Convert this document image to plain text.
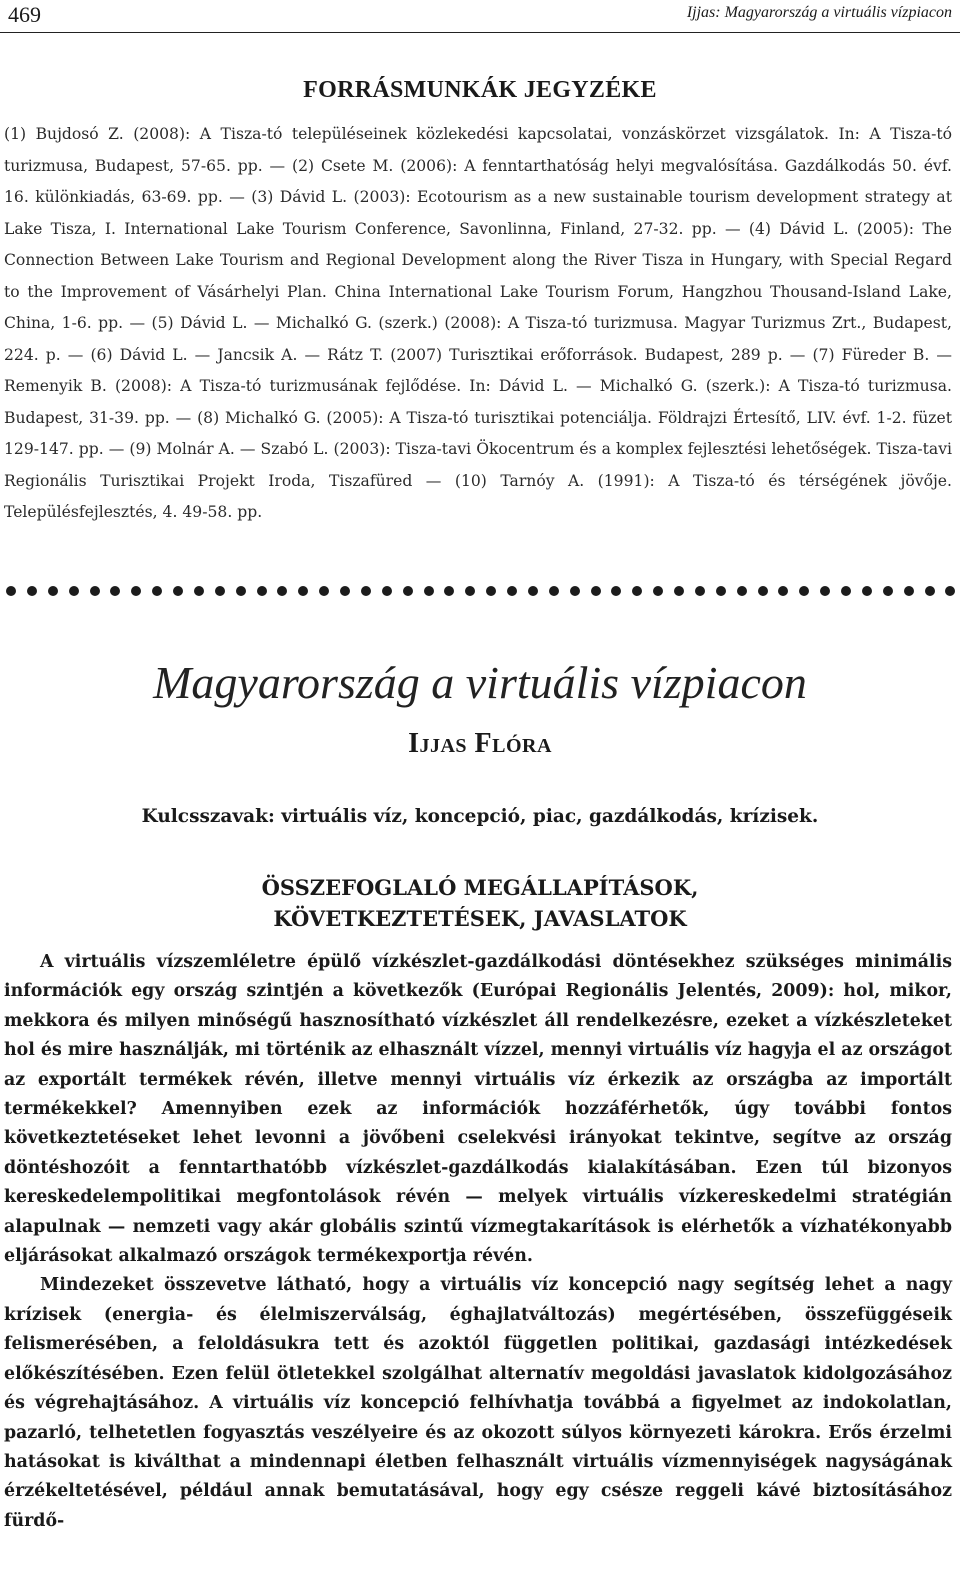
469	Ijjas: Magyarország a virtuális vízpiacon
FORRÁSMUNKÁK JEGYZÉKE
(1) Bujdosó Z. (2008): A Tisza-tó településeinek közlekedési kapcsolatai, vonzáskörzet vizsgálatok. In: A Tisza-tó turizmusa, Budapest, 57-65. pp. — (2) Csete M. (2006): A fenntarthatóság helyi megvalósítása. Gazdálkodás 50. évf. 16. különkiadás, 63-69. pp. — (3) Dávid L. (2003): Ecotourism as a new sustainable tourism development strategy at Lake Tisza, I. International Lake Tourism Conference, Savonlinna, Finland, 27-32. pp. — (4) Dávid L. (2005): The Connection Between Lake Tourism and Regional Development along the River Tisza in Hungary, with Special Regard to the Improvement of Vásárhelyi Plan. China International Lake Tourism Forum, Hangzhou Thousand-Island Lake, China, 1-6. pp. — (5) Dávid L. — Michalkó G. (szerk.) (2008): A Tisza-tó turizmusa. Magyar Turizmus Zrt., Budapest, 224. p. — (6) Dávid L. — Jancsik A. — Rátz T. (2007) Turisztikai erőforrások. Budapest, 289 p. — (7) Füreder B. — Remenyik B. (2008): A Tisza-tó turizmusának fejlődése. In: Dávid L. — Michalkó G. (szerk.): A Tisza-tó turizmusa. Budapest, 31-39. pp. — (8) Michalkó G. (2005): A Tisza-tó turisztikai potenciálja. Földrajzi Értesítő, LIV. évf. 1-2. füzet 129-147. pp. — (9) Molnár A. — Szabó L. (2003): Tisza-tavi Ökocentrum és a komplex fejlesztési lehetőségek. Tisza-tavi Regionális Turisztikai Projekt Iroda, Tiszafüred — (10) Tarnóy A. (1991): A Tisza-tó és térségének jövője. Településfejlesztés, 4. 49-58. pp.
Magyarország a virtuális vízpiacon
Ijjas Flóra
Kulcsszavak: virtuális víz, koncepció, piac, gazdálkodás, krízisek.
ÖSSZEFOGLALÓ MEGÁLLAPÍTÁSOK,
KÖVETKEZTETÉSEK, JAVASLATOK

A virtuális vízszemléletre épülő vízkészlet-gazdálkodási döntésekhez szükséges minimális információk egy ország szintjén a következők (Európai Regionális Jelentés, 2009): hol, mikor, mekkora és milyen minőségű hasznosítható vízkészlet áll rendelkezésre, ezeket a vízkészleteket hol és mire használják, mi történik az elhasznált vízzel, mennyi virtuális víz hagyja el az országot az exportált termékek révén, illetve mennyi virtuális víz érkezik az országba az importált termékekkel? Amennyiben ezek az információk hozzáférhetők, úgy további fontos következtetéseket lehet levonni a jövőbeni cselekvési irányokat tekintve, segítve az ország döntéshozóit a fenntarthatóbb vízkészlet-gazdálkodás kialakításában. Ezen túl bizonyos kereskedelempolitikai megfontolások révén — melyek virtuális vízkereskedelmi stratégián alapulnak — nemzeti vagy akár globális szintű vízmegtakarítások is elérhetők a vízhatékonyabb eljárásokat alkalmazó országok termékexportja révén.

Mindezeket összevetve látható, hogy a virtuális víz koncepció nagy segítség lehet a nagy krízisek (energia- és élelmiszerválság, éghajlatváltozás) megértésében, összefüggéseik felismerésében, a feloldásukra tett és azoktól független politikai, gazdasági intézkedések előkészítésében. Ezen felül ötletekkel szolgálhat alternatív megoldási javaslatok kidolgozásához és végrehajtásához. A virtuális víz koncepció felhívhatja továbbá a figyelmet az indokolatlan, pazarló, telhetetlen fogyasztás veszélyeire és az okozott súlyos környezeti károkra. Erős érzelmi hatásokat is kiválthat a mindennapi életben felhasznált virtuális vízmennyiségek nagyságának érzékeltetésével, például annak bemutatásával, hogy egy csésze reggeli kávé biztosításához fürdő-
